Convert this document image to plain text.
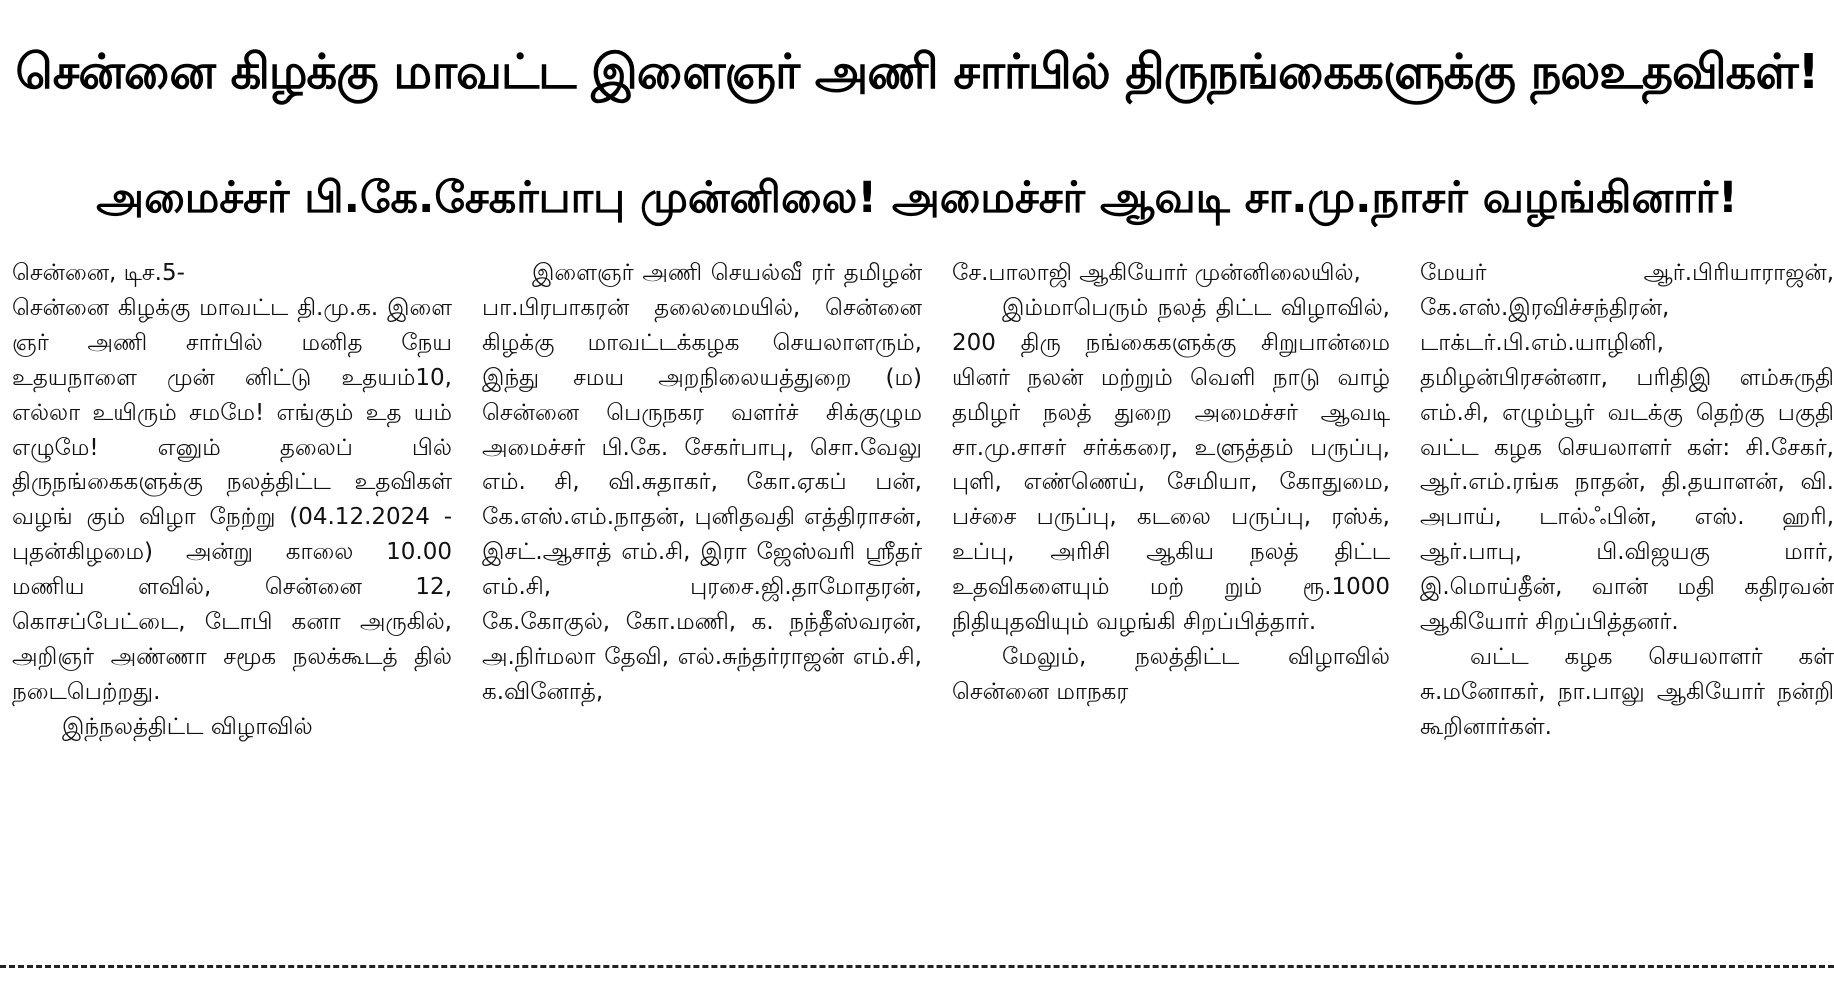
சென்னை கிழக்கு மாவட்ட இளைஞர் அணி சார்பில் திருநங்கைகளுக்கு நலஉதவிகள்!
அமைச்சர் பி.கே.சேகர்பாபு முன்னிலை! அமைச்சர் ஆவடி சா.மு.நாசர் வழங்கினார்!

சென்னை, டிச.5-
சென்னை கிழக்கு மாவட்ட தி.மு.க. இளை ஞர் அணி சார்பில் மனித நேய உதயநாளை முன் னிட்டு உதயம்10, எல்லா உயிரும் சமமே! எங்கும் உத யம் எழுமே! எனும் தலைப் பில் திருநங்கைகளுக்கு நலத்திட்ட உதவிகள் வழங் கும் விழா நேற்று (04.12.2024 - புதன்கிழமை) அன்று காலை 10.00 மணிய ளவில், சென்னை 12, கொசப்பேட்டை, டோபி கனா அருகில், அறிஞர் அண்ணா சமூக நலக்கூடத் தில் நடைபெற்றது.

இந்நலத்திட்ட விழாவில்

இளைஞர் அணி செயல்வீ ரர் தமிழன் பா.பிரபாகரன் தலைமையில், சென்னை கிழக்கு மாவட்டக்கழக செயலாளரும், இந்து சமய அறநிலையத்துறை (ம) சென்னை பெருநகர வளர்ச் சிக்குழும அமைச்சர் பி.கே. சேகர்பாபு, சொ.வேலு எம். சி, வி.சுதாகர், கோ.ஏகப் பன், கே.எஸ்.எம்.நாதன், புனிதவதி எத்திராசன், இசட்.ஆசாத் எம்.சி, இரா ஜேஸ்வரி ஸ்ரீதர் எம்.சி, புரசை.ஜி.தாமோதரன், கே.கோகுல், கோ.மணி, க. நந்தீஸ்வரன், அ.நிர்மலா தேவி, எல்.சுந்தர்ராஜன் எம்.சி, க.வினோத்,

சே.பாலாஜி ஆகியோர் முன்னிலையில்,

இம்மாபெரும் நலத் திட்ட விழாவில், 200 திரு நங்கைகளுக்கு சிறுபான்மை யினர் நலன் மற்றும் வெளி நாடு வாழ் தமிழர் நலத் துறை அமைச்சர் ஆவடி சா.மு.சாசர் சர்க்கரை, உளுத்தம் பருப்பு, புளி, எண்ணெய், சேமியா, கோதுமை, பச்சை பருப்பு, கடலை பருப்பு, ரஸ்க், உப்பு, அரிசி ஆகிய நலத் திட்ட உதவிகளையும் மற் றும் ரூ.1000 நிதியுதவியும் வழங்கி சிறப்பித்தார்.

மேலும், நலத்திட்ட விழாவில் சென்னை மாநகர

மேயர் ஆர்.பிரியாராஜன், கே.எஸ்.இரவிச்சந்திரன், டாக்டர்.பி.எம்.யாழினி, தமிழன்பிரசன்னா, பரிதிஇ ளம்சுருதி எம்.சி, எழும்பூர் வடக்கு தெற்கு பகுதி வட்ட கழக செயலாளர் கள்: சி.சேகர், ஆர்.எம்.ரங்க நாதன், தி.தயாளன், வி. அபாய், டால்ஃபின், எஸ். ஹரி, ஆர்.பாபு, பி.விஜயகு மார், இ.மொய்தீன், வான் மதி கதிரவன் ஆகியோர் சிறப்பித்தனர்.

வட்ட கழக செயலாளர் கள் சு.மனோகர், நா.பாலு ஆகியோர் நன்றி கூறினார்கள்.
